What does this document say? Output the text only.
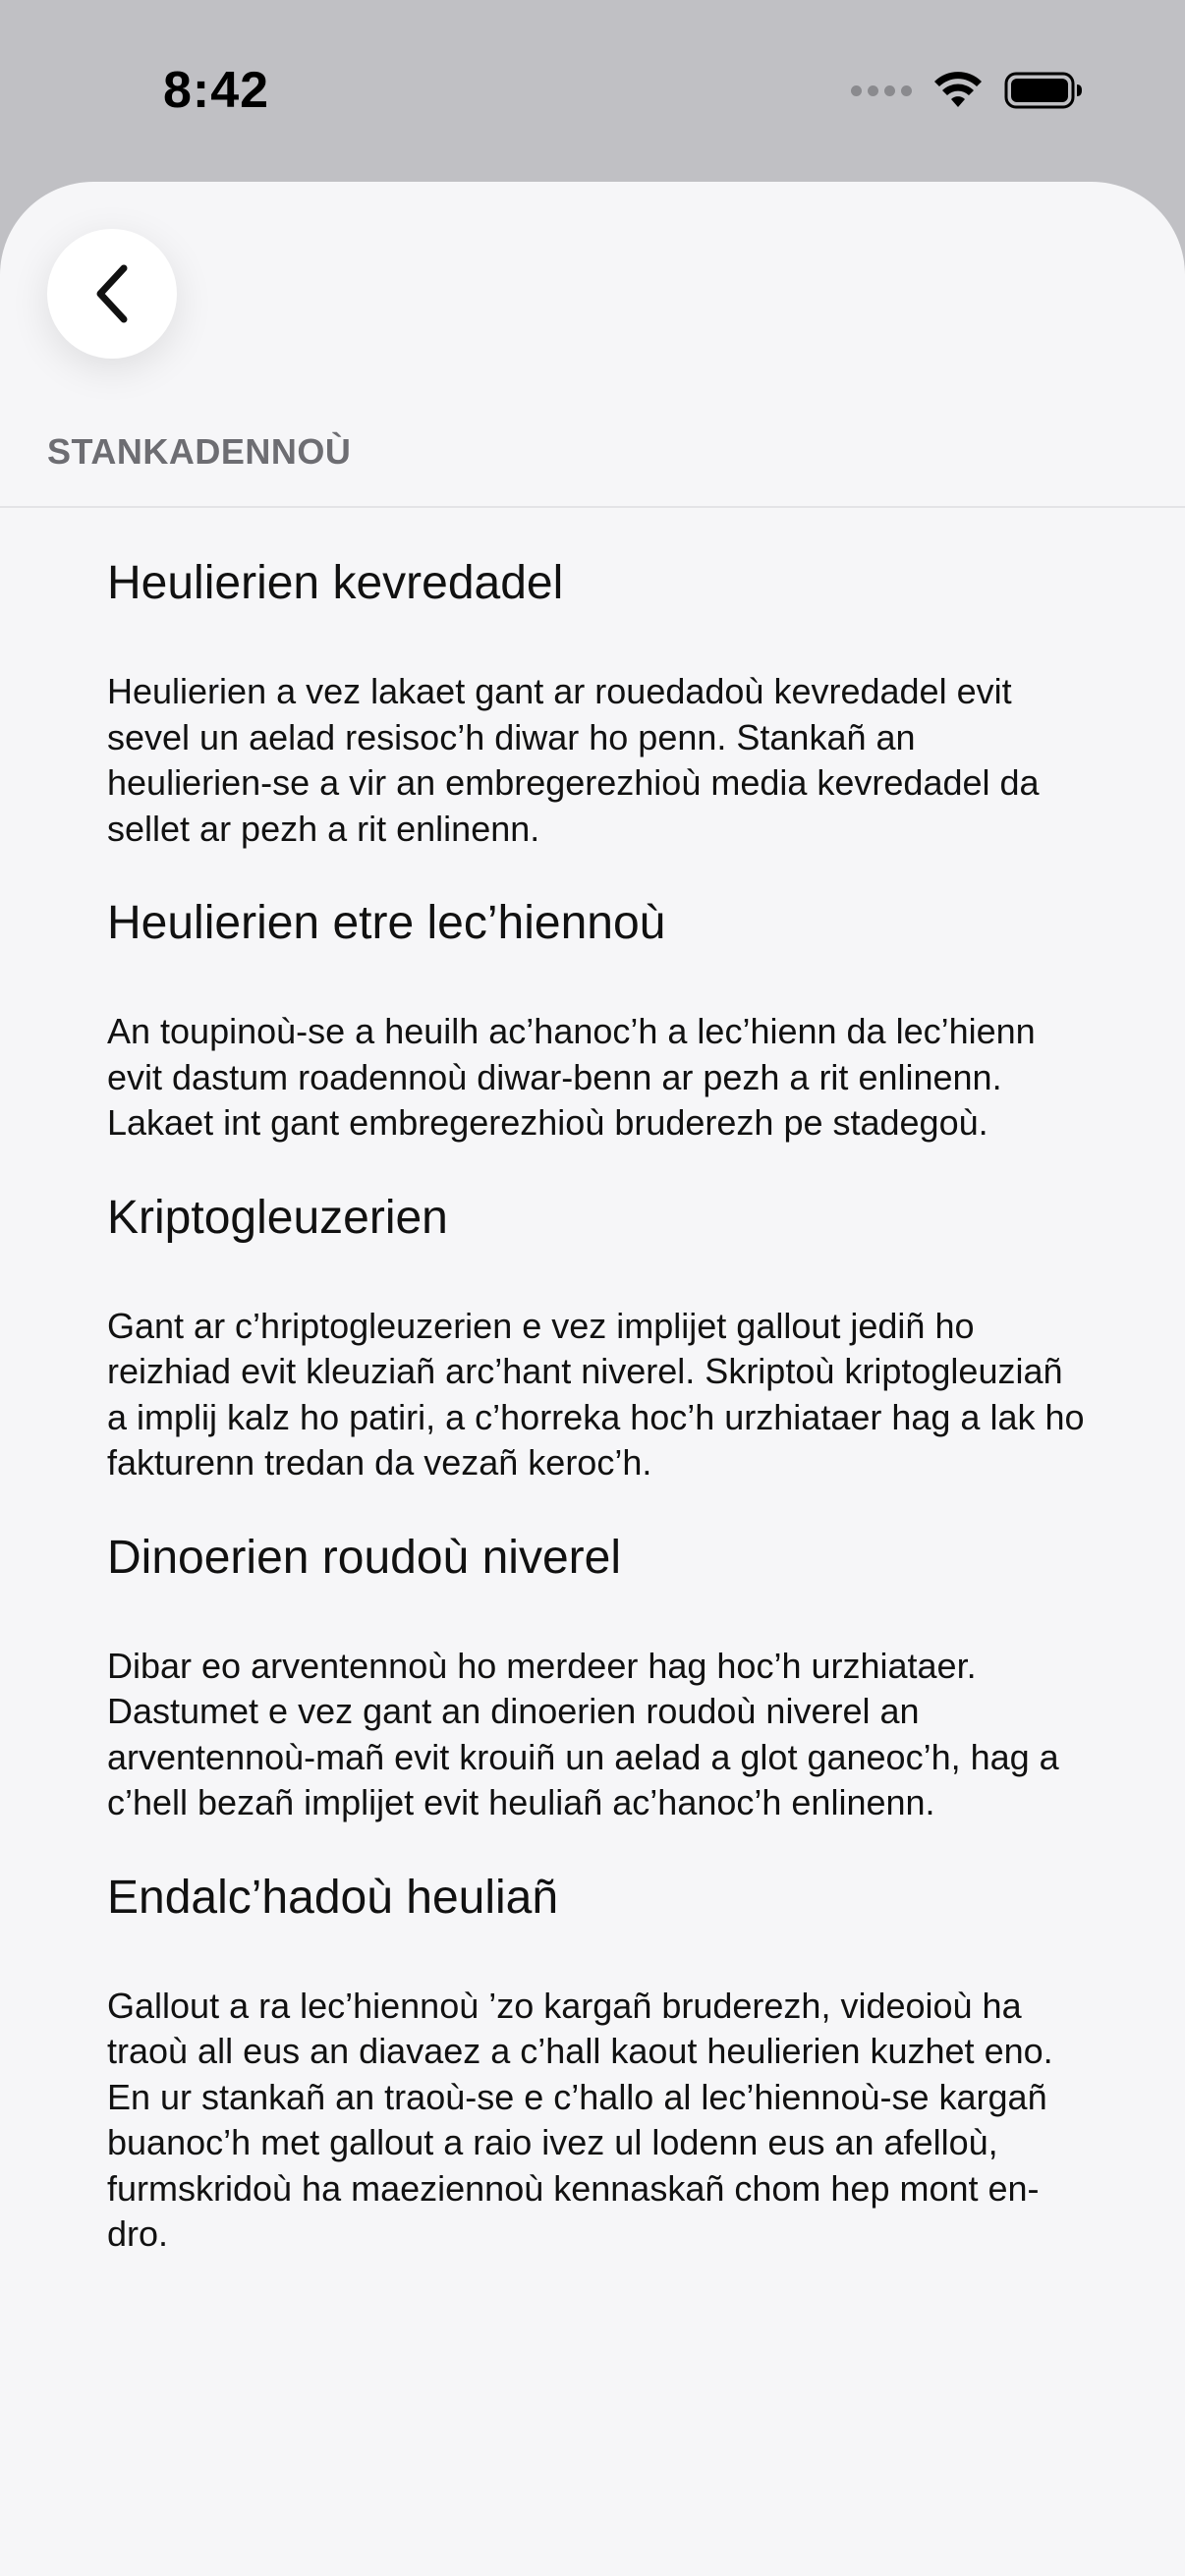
8:42
STANKADENNOÙ
Heulierien kevredadel
Heulierien a vez lakaet gant ar rouedadoù kevredadel evit sevel un aelad resisoc’h diwar ho penn. Stankañ an heulierien-se a vir an embregerezhioù media kevredadel da sellet ar pezh a rit enlinenn.
Heulierien etre lec’hiennoù
An toupinoù-se a heuilh ac’hanoc’h a lec’hienn da lec’hienn evit dastum roadennoù diwar-benn ar pezh a rit enlinenn. Lakaet int gant embregerezhioù bruderezh pe stadegoù.
Kriptogleuzerien
Gant ar c’hriptogleuzerien e vez implijet gallout jediñ ho reizhiad evit kleuziañ arc’hant niverel. Skriptoù kriptogleuziañ a implij kalz ho patiri, a c’horreka hoc’h urzhiataer hag a lak ho fakturenn tredan da vezañ keroc’h.
Dinoerien roudoù niverel
Dibar eo arventennoù ho merdeer hag hoc’h urzhiataer. Dastumet e vez gant an dinoerien roudoù niverel an arventennoù-mañ evit krouiñ un aelad a glot ganeoc’h, hag a c’hell bezañ implijet evit heuliañ ac’hanoc’h enlinenn.
Endalc’hadoù heuliañ
Gallout a ra lec’hiennoù ’zo kargañ bruderezh, videoioù ha traoù all eus an diavaez a c’hall kaout heulierien kuzhet eno. En ur stankañ an traoù-se e c’hallo al lec’hiennoù-se kargañ buanoc’h met gallout a raio ivez ul lodenn eus an afelloù, furmskridoù ha maeziennoù kennaskañ chom hep mont en-dro.
